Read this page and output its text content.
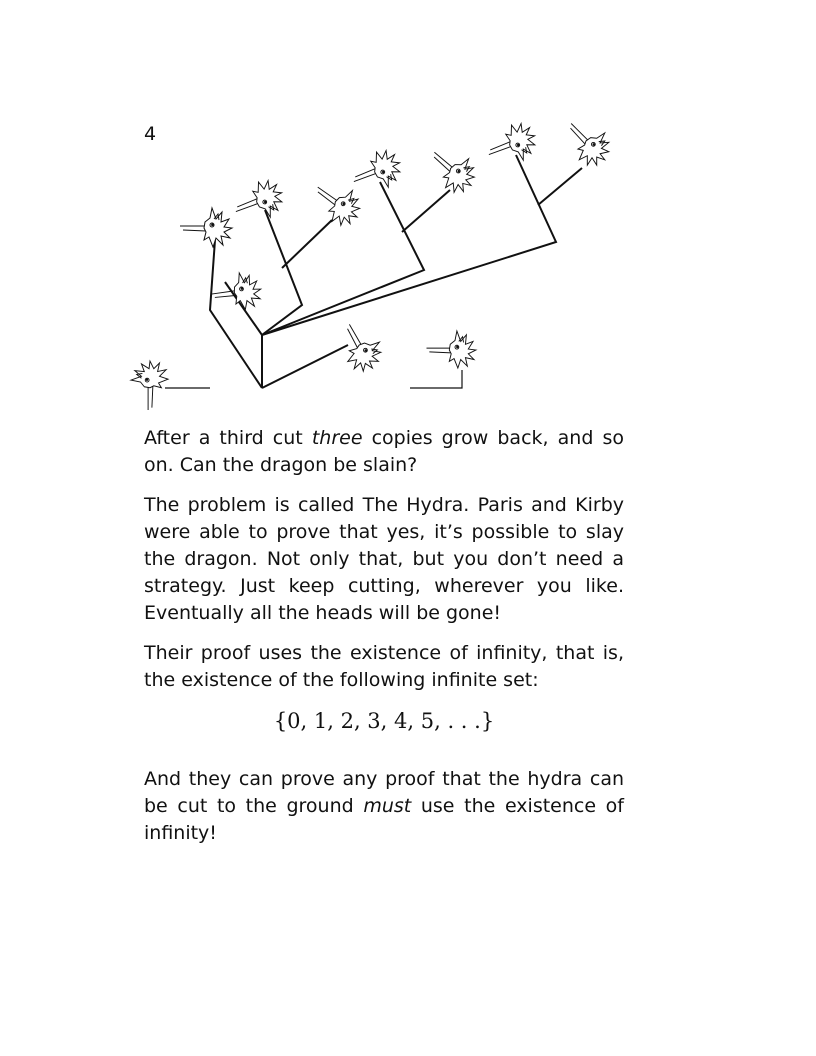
4

After a third cut three copies grow back, and so on. Can the dragon be slain?

The problem is called The Hydra. Paris and Kirby were able to prove that yes, it’s possible to slay the dragon. Not only that, but you don’t need a strategy. Just keep cutting, wherever you like. Eventually all the heads will be gone!

Their proof uses the existence of infinity, that is, the existence of the following infinite set:

{0, 1, 2, 3, 4, 5, . . .}

And they can prove any proof that the hydra can be cut to the ground must use the existence of infinity!
